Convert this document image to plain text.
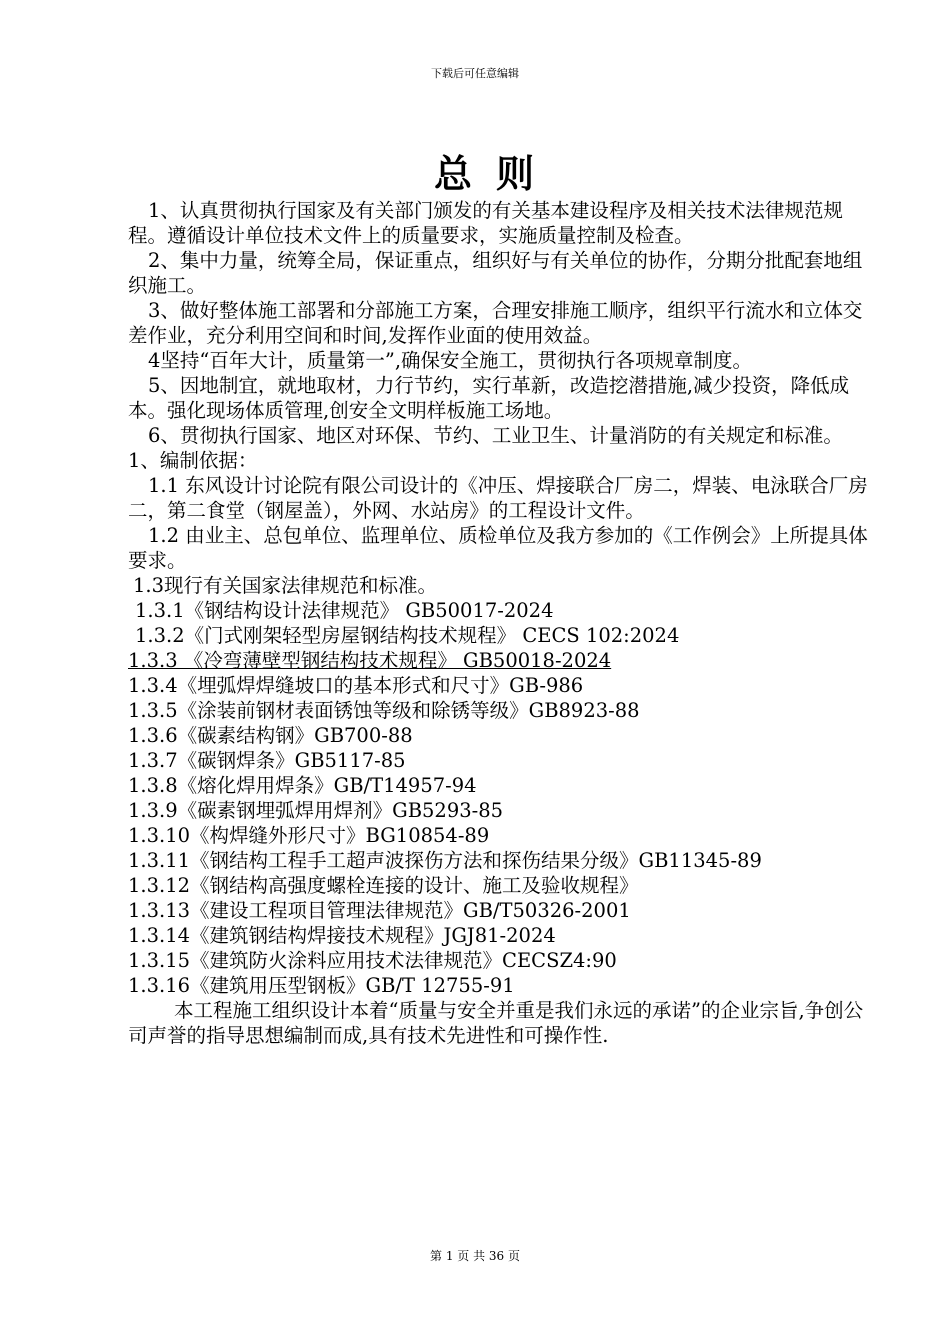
下载后可任意编辑
总则

1、认真贯彻执行国家及有关部门颁发的有关基本建设程序及相关技术法律规范规程。遵循设计单位技术文件上的质量要求，实施质量控制及检查。

2、集中力量，统筹全局，保证重点，组织好与有关单位的协作，分期分批配套地组织施工。

3、做好整体施工部署和分部施工方案，合理安排施工顺序，组织平行流水和立体交差作业，充分利用空间和时间,发挥作业面的使用效益。

4坚持“百年大计，质量第一”,确保安全施工，贯彻执行各项规章制度。

5、因地制宜，就地取材，力行节约，实行革新，改造挖潜措施,减少投资，降低成本。强化现场体质管理,创安全文明样板施工场地。

6、贯彻执行国家、地区对环保、节约、工业卫生、计量消防的有关规定和标准。

1、编制依据：

1.1 东风设计讨论院有限公司设计的《冲压、焊接联合厂房二，焊装、电泳联合厂房二，第二食堂（钢屋盖），外网、水站房》的工程设计文件。

1.2 由业主、总包单位、监理单位、质检单位及我方参加的《工作例会》上所提具体要求。

1.3现行有关国家法律规范和标准。

1.3.1《钢结构设计法律规范》 GB50017-2024

1.3.2《门式刚架轻型房屋钢结构技术规程》 CECS 102:2024

1.3.3 《冷弯薄壁型钢结构技术规程》 GB50018-2024

1.3.4《埋弧焊焊缝坡口的基本形式和尺寸》GB-986

1.3.5《涂装前钢材表面锈蚀等级和除锈等级》GB8923-88

1.3.6《碳素结构钢》GB700-88

1.3.7《碳钢焊条》GB5117-85

1.3.8《熔化焊用焊条》GB/T14957-94

1.3.9《碳素钢埋弧焊用焊剂》GB5293-85

1.3.10《构焊缝外形尺寸》BG10854-89

1.3.11《钢结构工程手工超声波探伤方法和探伤结果分级》GB11345-89

1.3.12《钢结构高强度螺栓连接的设计、施工及验收规程》

1.3.13《建设工程项目管理法律规范》GB/T50326-2001

1.3.14《建筑钢结构焊接技术规程》JGJ81-2024

1.3.15《建筑防火涂料应用技术法律规范》CECSZ4:90

1.3.16《建筑用压型钢板》GB/T 12755-91

本工程施工组织设计本着“质量与安全并重是我们永远的承诺”的企业宗旨,争创公司声誉的指导思想编制而成,具有技术先进性和可操作性.

第 1 页 共 36 页
